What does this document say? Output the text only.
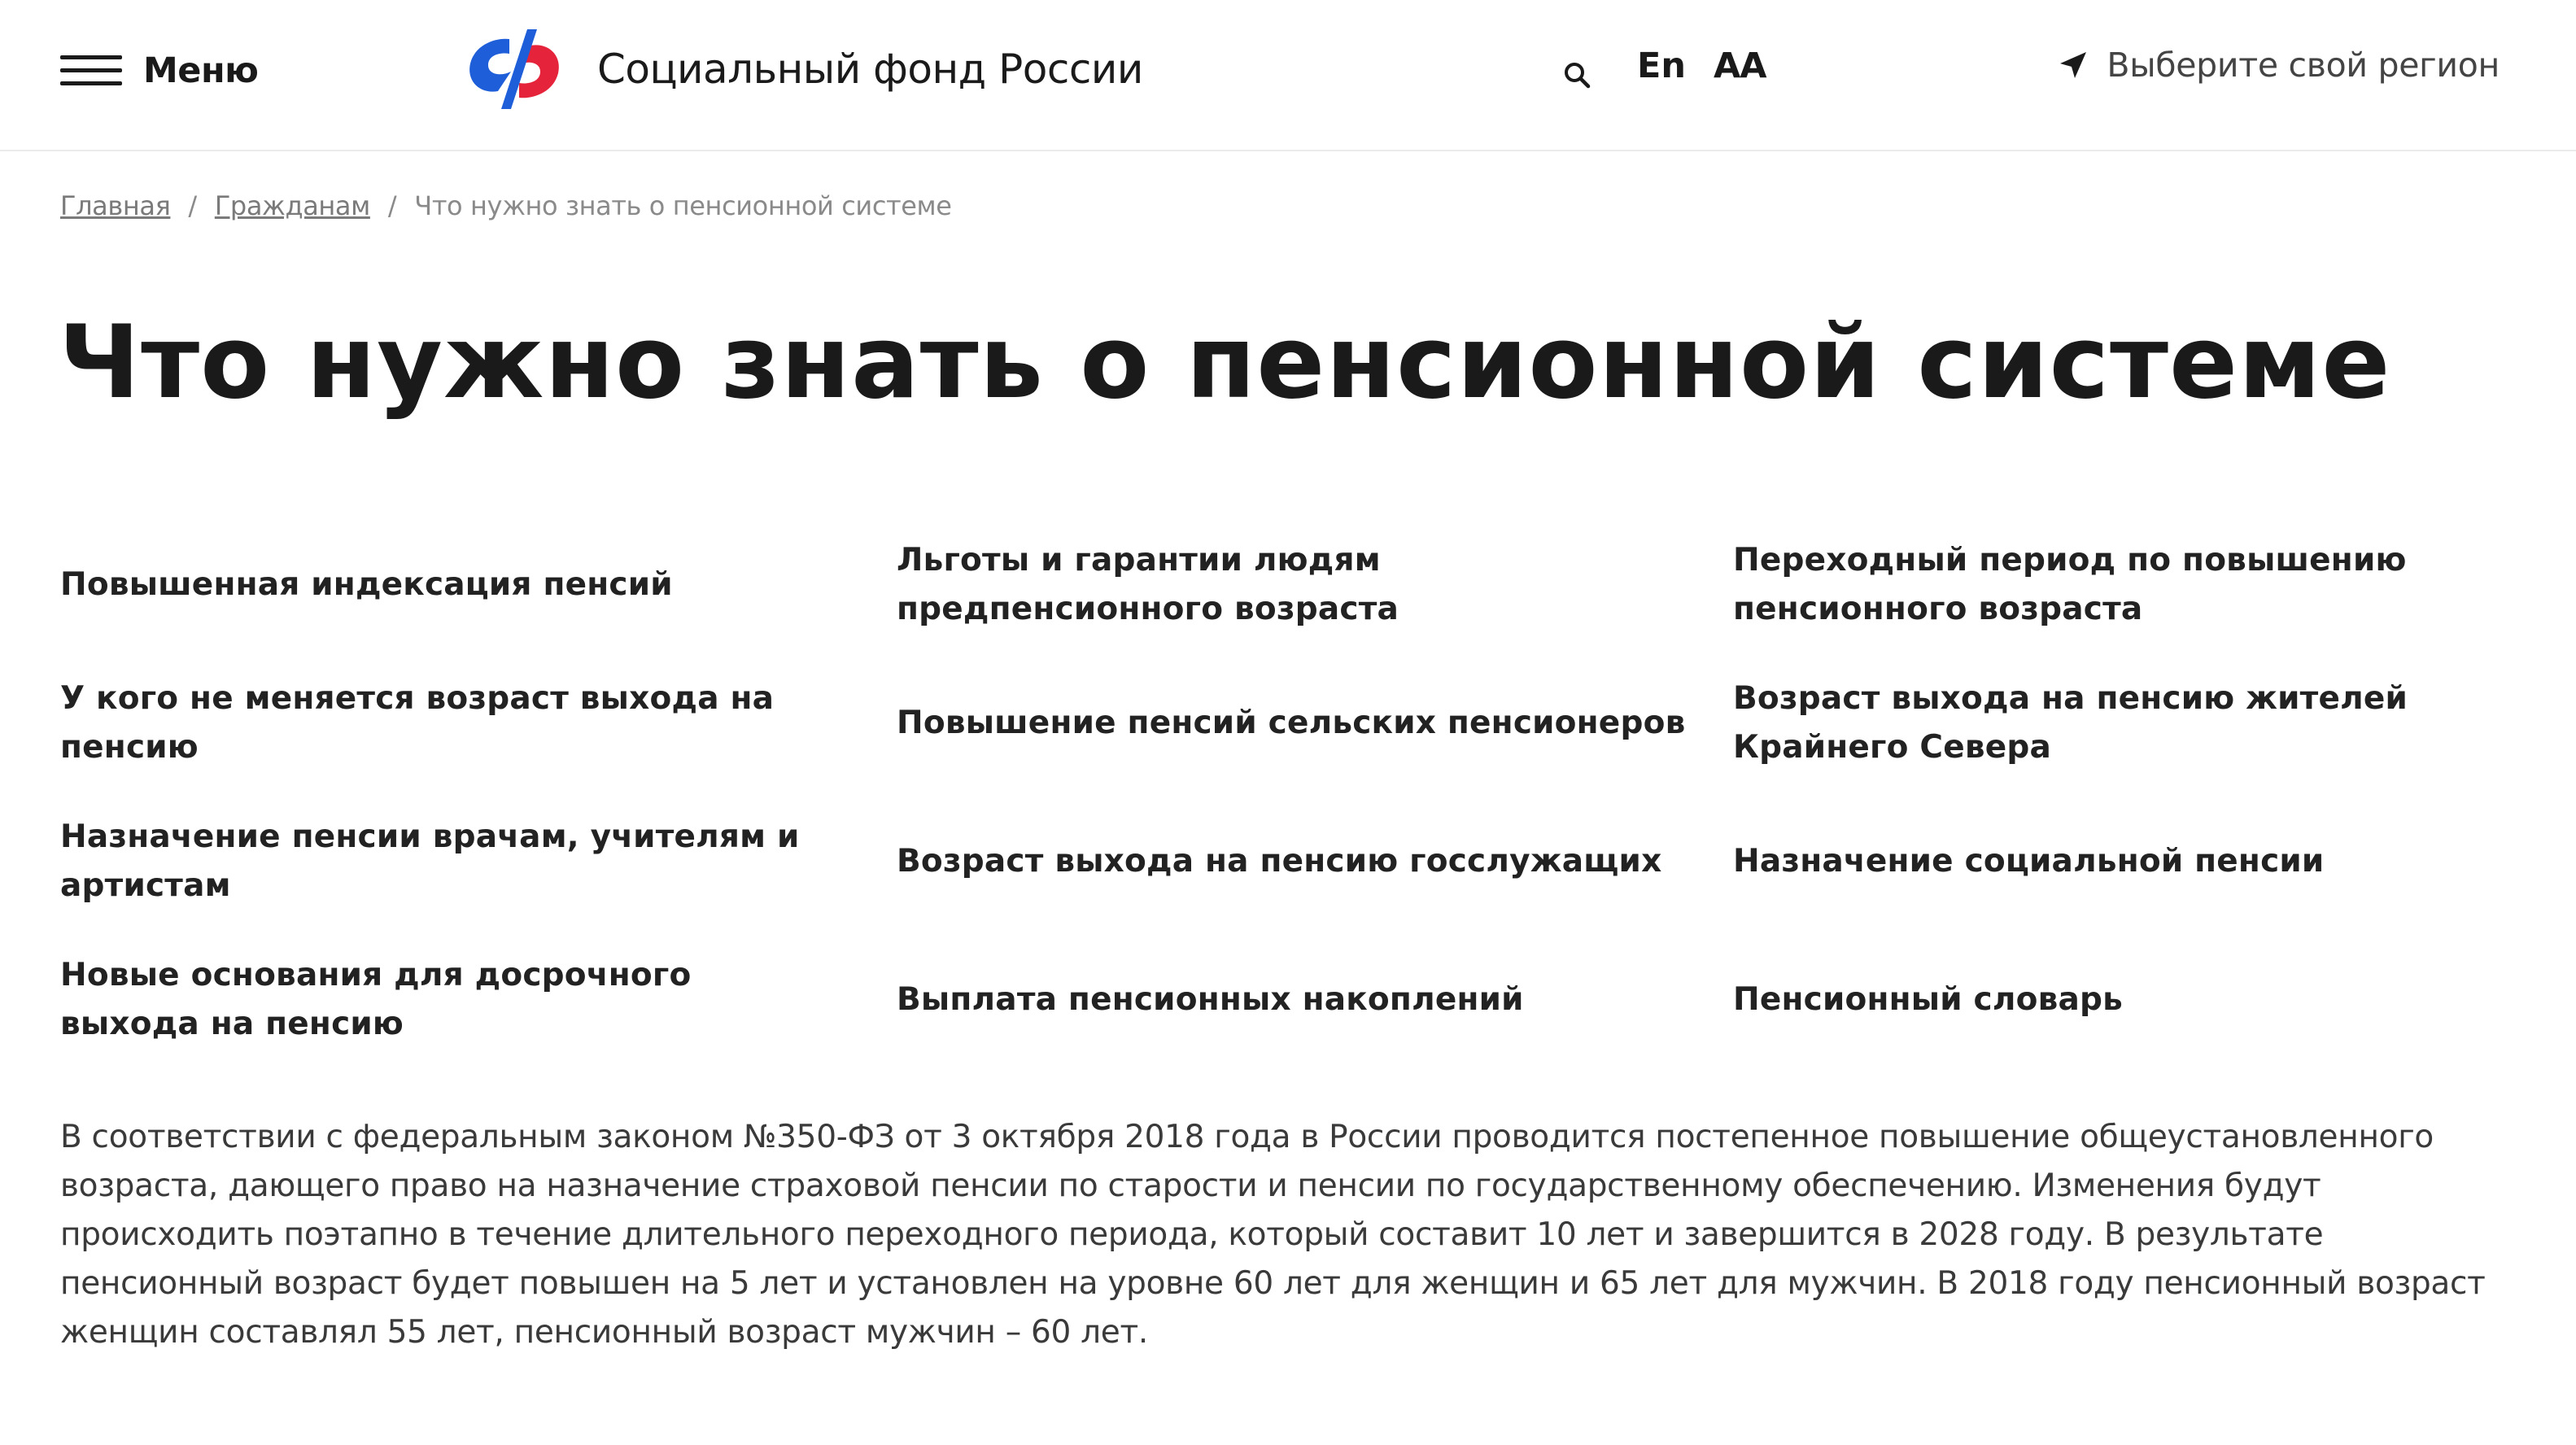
Меню	Социальный фонд России	En AA	Выберите свой регион
Главная / Гражданам / Что нужно знать о пенсионной системе
Что нужно знать о пенсионной системе
Повышенная индексация пенсий
У кого не меняется возраст выхода на пенсию
Назначение пенсии врачам, учителям и артистам
Новые основания для досрочного выхода на пенсию
Льготы и гарантии людям предпенсионного возраста
Повышение пенсий сельских пенсионеров
Возраст выхода на пенсию госслужащих
Выплата пенсионных накоплений
Переходный период по повышению пенсионного возраста
Возраст выхода на пенсию жителей Крайнего Севера
Назначение социальной пенсии
Пенсионный словарь

В соответствии с федеральным законом №350-ФЗ от 3 октября 2018 года в России проводится постепенное повышение общеустановленного возраста, дающего право на назначение страховой пенсии по старости и пенсии по государственному обеспечению. Изменения будут происходить поэтапно в течение длительного переходного периода, который составит 10 лет и завершится в 2028 году. В результате пенсионный возраст будет повышен на 5 лет и установлен на уровне 60 лет для женщин и 65 лет для мужчин. В 2018 году пенсионный возраст женщин составлял 55 лет, пенсионный возраст мужчин – 60 лет.
